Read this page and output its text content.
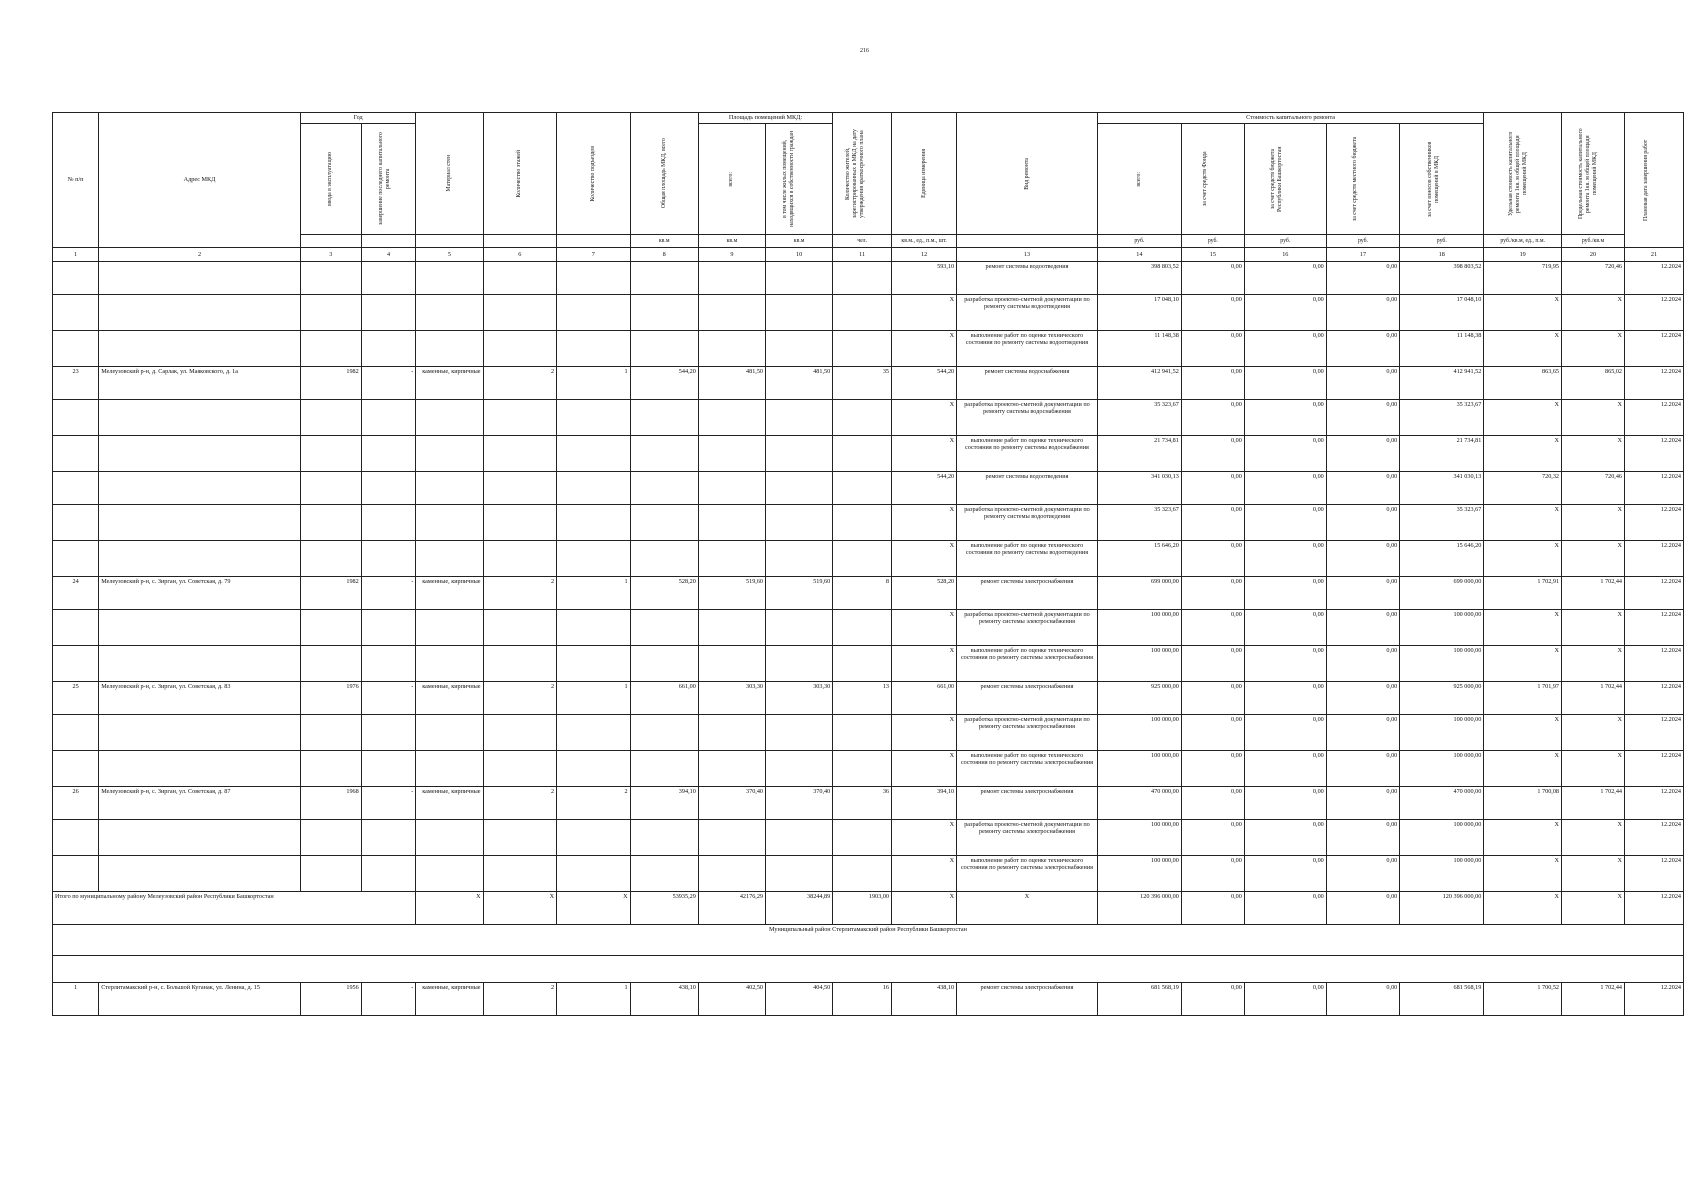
216
№ п/п	Адрес МКД	Год		Материал стен	Количество этажей	Количество подъездов	Общая площадь МКД, всего	Площадь помещений МКД:		Количество жителей, зарегистрированных в МКД на дату утверждения краткосрочного плана	Единица измерения	Вид ремонта	Стоимость капитального ремонта					Удельная стоимость капитального ремонта 1кв. м общей площади помещений МКД	Предельная стоимость капитального ремонта 1кв. м общей площади помещений МКД	Плановая дата завершения работ

		ввода в эксплуатацию	завершение последнего капитального ремонта					всего:	в том числе жилых помещений, находящихся в собственности граждан				всего:	за счет средств Фонда	за счет средств бюджета Республики Башкортостан	за счет средств местного бюджета	за счет взносов собственников помещений в МКД			

							кв.м	кв.м	кв.м	чел.	кв.м., ед., п.м., шт.		руб.	руб.	руб.	руб.	руб.	руб./кв.м, ед., п.м.	руб./кв.м	
1	2	3	4	5	6	7	8	9	10	11	12	13	14	15	16	17	18	19	20	21
											593,10	ремонт системы водоотведения	398 803,52	0,00	0,00	0,00	398 803,52	719,95	720,46	12.2024
											X	разработка проектно-сметной документации по ремонту системы водоотведения	17 048,10	0,00	0,00	0,00	17 048,10	X	X	12.2024
											X	выполнение работ по оценке технического состояния по ремонту системы водоотведения	11 148,38	0,00	0,00	0,00	11 148,38	X	X	12.2024
23	Мелеузовский р-н, д. Сарлак, ул. Маяковского, д. 1а	1982	-	каменные, кирпичные	2	1	544,20	481,50	481,50	35	544,20	ремонт системы водоснабжения	412 941,52	0,00	0,00	0,00	412 941,52	863,65	865,02	12.2024
											X	разработка проектно-сметной документации по ремонту системы водоснабжения	35 323,67	0,00	0,00	0,00	35 323,67	X	X	12.2024
											X	выполнение работ по оценке технического состояния по ремонту системы водоснабжения	21 734,81	0,00	0,00	0,00	21 734,81	X	X	12.2024
											544,20	ремонт системы водоотведения	341 030,13	0,00	0,00	0,00	341 030,13	720,32	720,46	12.2024
											X	разработка проектно-сметной документации по ремонту системы водоотведения	35 323,67	0,00	0,00	0,00	35 323,67	X	X	12.2024
											X	выполнение работ по оценке технического состояния по ремонту системы водоотведения	15 646,20	0,00	0,00	0,00	15 646,20	X	X	12.2024
24	Мелеузовский р-н, с. Зирган, ул. Советская, д. 79	1982	-	каменные, кирпичные	2	1	528,20	519,60	519,60	8	528,20	ремонт системы электроснабжения	699 000,00	0,00	0,00	0,00	699 000,00	1 702,91	1 702,44	12.2024
											X	разработка проектно-сметной документации по ремонту системы электроснабжения	100 000,00	0,00	0,00	0,00	100 000,00	X	X	12.2024
											X	выполнение работ по оценке технического состояния по ремонту системы электроснабжения	100 000,00	0,00	0,00	0,00	100 000,00	X	X	12.2024
25	Мелеузовский р-н, с. Зирган, ул. Советская, д. 83	1976	-	каменные, кирпичные	2	1	661,00	303,30	303,30	13	661,00	ремонт системы электроснабжения	925 000,00	0,00	0,00	0,00	925 000,00	1 701,97	1 702,44	12.2024
											X	разработка проектно-сметной документации по ремонту системы электроснабжения	100 000,00	0,00	0,00	0,00	100 000,00	X	X	12.2024
											X	выполнение работ по оценке технического состояния по ремонту системы электроснабжения	100 000,00	0,00	0,00	0,00	100 000,00	X	X	12.2024
26	Мелеузовский р-н, с. Зирган, ул. Советская, д. 87	1968	-	каменные, кирпичные	2	2	394,10	370,40	370,40	36	394,10	ремонт системы электроснабжения	470 000,00	0,00	0,00	0,00	470 000,00	1 700,08	1 702,44	12.2024
											X	разработка проектно-сметной документации по ремонту системы электроснабжения	100 000,00	0,00	0,00	0,00	100 000,00	X	X	12.2024
											X	выполнение работ по оценке технического состояния по ремонту системы электроснабжения	100 000,00	0,00	0,00	0,00	100 000,00	X	X	12.2024
Итого по муниципальному району Мелеузовский район Республики Башкортостан				X	X	X	53935,29	42176,29	38244,89	1903,00	X	X	120 396 000,00	0,00	0,00	0,00	120 396 000,00	X	X	12.2024
Муниципальный район Стерлитамакский район Республики Башкортостан																				

1	Стерлитамакский р-н, с. Большой Куганак, ул. Ленина, д. 15	1956	-	каменные, кирпичные	2	1	438,10	402,50	404,50	16	438,10	ремонт системы электроснабжения	681 568,19	0,00	0,00	0,00	681 568,19	1 700,52	1 702,44	12.2024
